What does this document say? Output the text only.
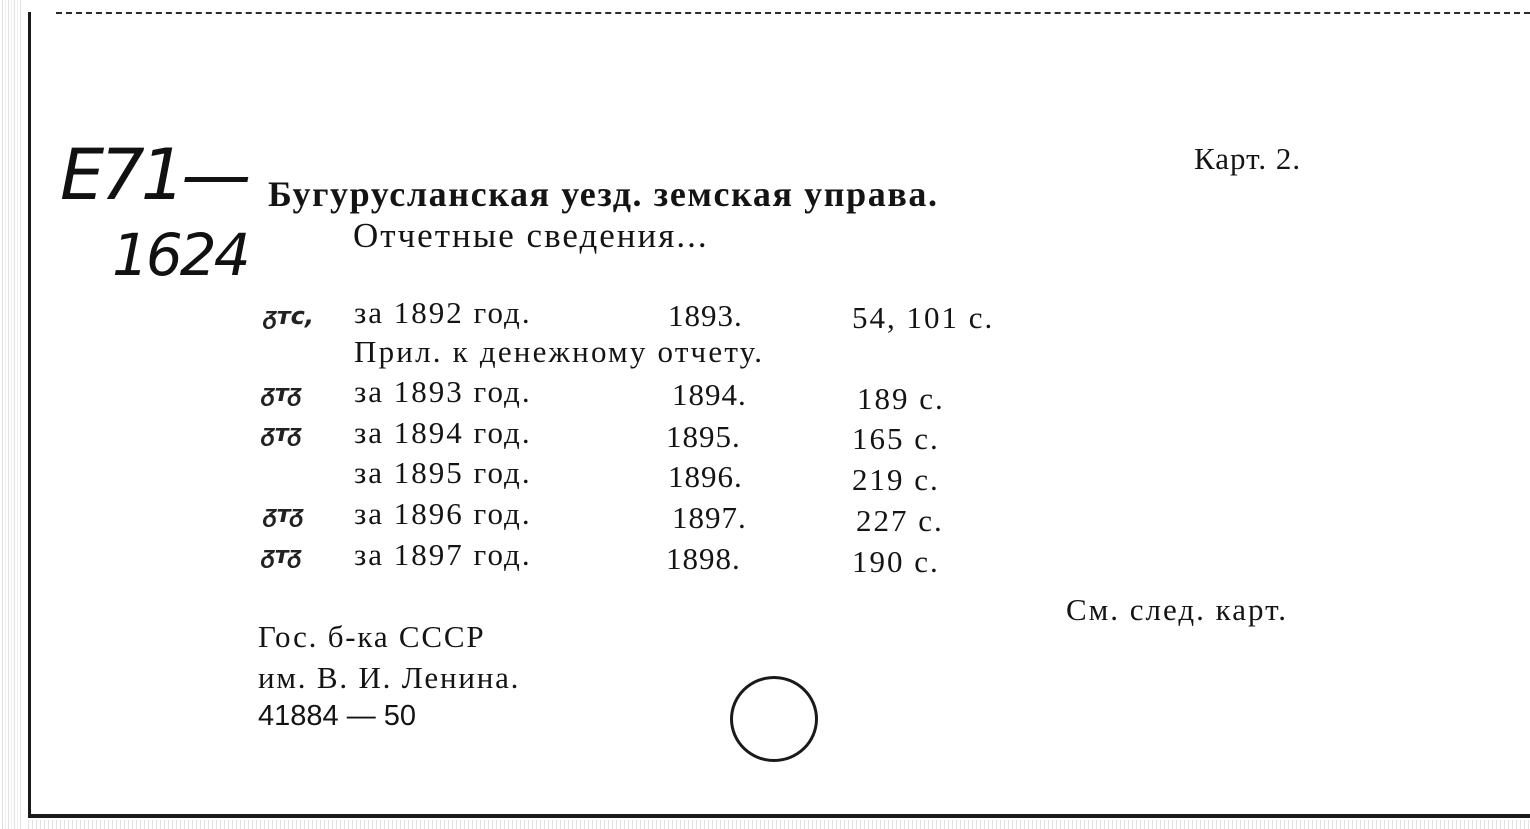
E71—
1624
Карт. 2.
Бугурусланская уезд. земская управа.
Отчетные сведения...
ᵹтс, за 1892 год.	1893.	54, 101 с.
Прил. к денежному отчету.
ᵹтᵹ за 1893 год.	1894.	189 с.
ᵹтᵹ за 1894 год.	1895.	165 с.
за 1895 год.	1896.	219 с.
ᵹтᵹ за 1896 год.	1897.	227 с.
ᵹтᵹ за 1897 год.	1898.	190 с.
См. след. карт.
Гос. б-ка СССР
им. В. И. Ленина.
41884 — 50
